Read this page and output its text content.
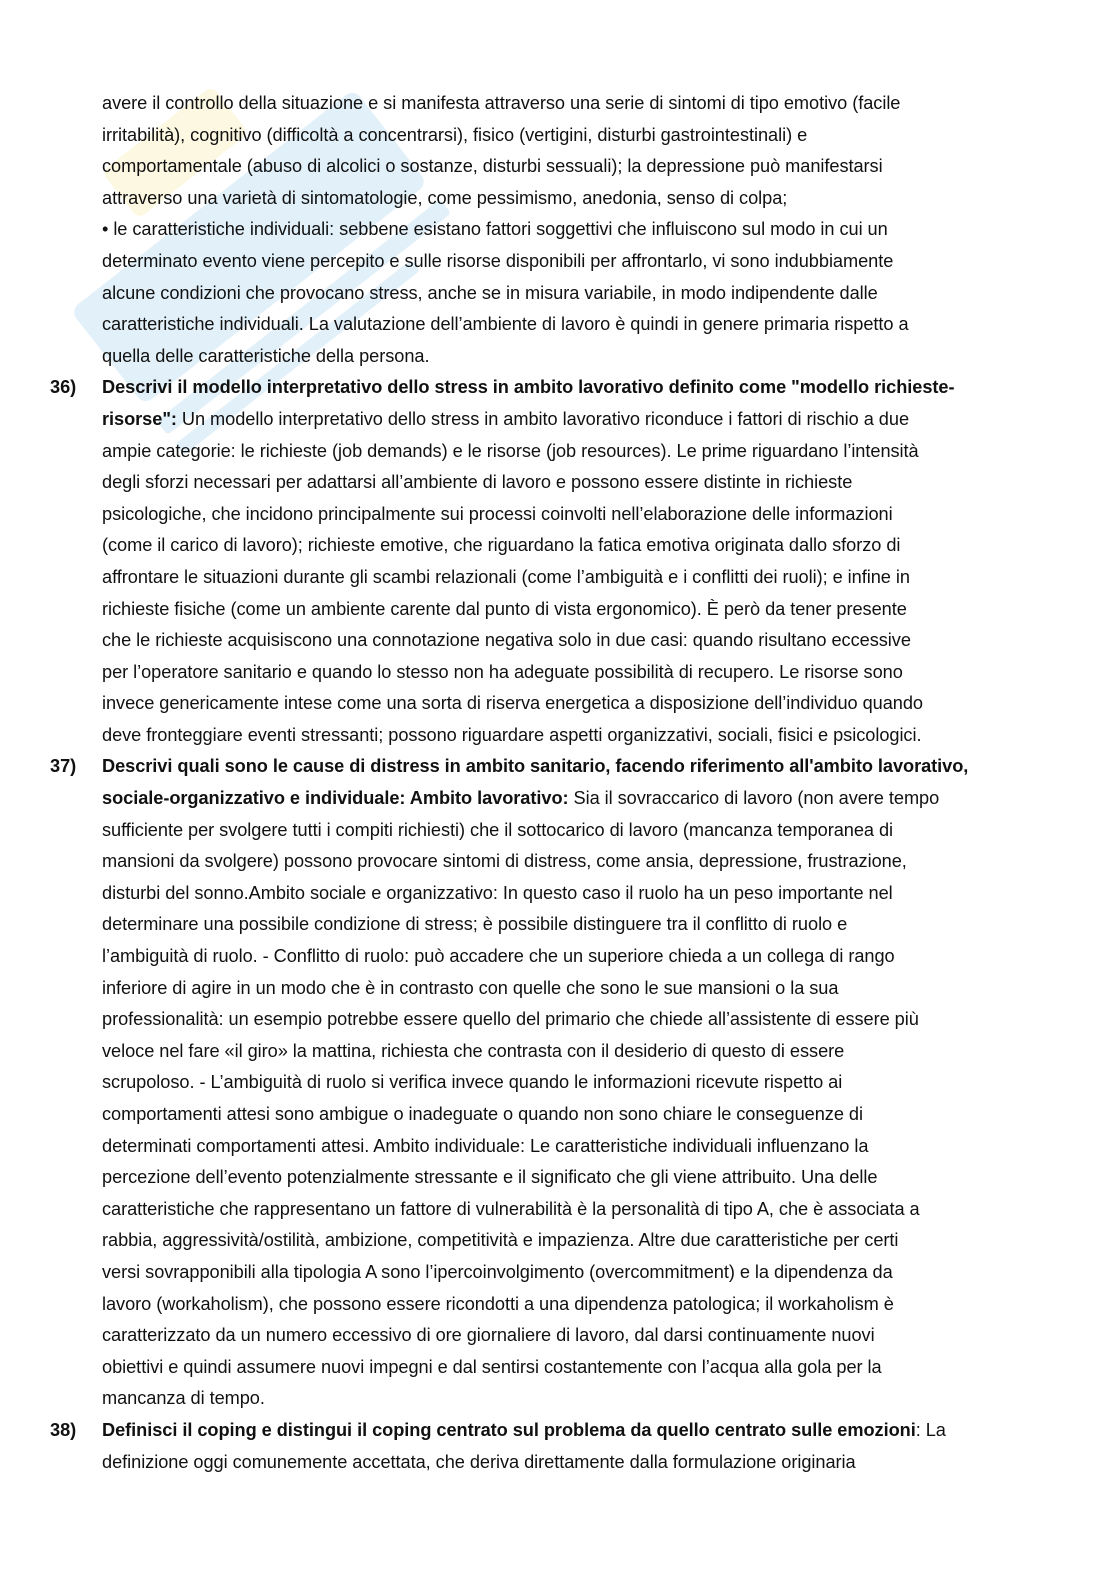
avere il controllo della situazione e si manifesta attraverso una serie di sintomi di tipo emotivo (facile
irritabilità), cognitivo (difficoltà a concentrarsi), fisico (vertigini, disturbi gastrointestinali) e
comportamentale (abuso di alcolici o sostanze, disturbi sessuali); la depressione può manifestarsi
attraverso una varietà di sintomatologie, come pessimismo, anedonia, senso di colpa;
• le caratteristiche individuali: sebbene esistano fattori soggettivi che influiscono sul modo in cui un
determinato evento viene percepito e sulle risorse disponibili per affrontarlo, vi sono indubbiamente
alcune condizioni che provocano stress, anche se in misura variabile, in modo indipendente dalle
caratteristiche individuali. La valutazione dell’ambiente di lavoro è quindi in genere primaria rispetto a
quella delle caratteristiche della persona.
36) Descrivi il modello interpretativo dello stress in ambito lavorativo definito come "modello richieste-
risorse": Un modello interpretativo dello stress in ambito lavorativo riconduce i fattori di rischio a due
ampie categorie: le richieste (job demands) e le risorse (job resources). Le prime riguardano l’intensità
degli sforzi necessari per adattarsi all’ambiente di lavoro e possono essere distinte in richieste
psicologiche, che incidono principalmente sui processi coinvolti nell’elaborazione delle informazioni
(come il carico di lavoro); richieste emotive, che riguardano la fatica emotiva originata dallo sforzo di
affrontare le situazioni durante gli scambi relazionali (come l’ambiguità e i conflitti dei ruoli); e infine in
richieste fisiche (come un ambiente carente dal punto di vista ergonomico). È però da tener presente
che le richieste acquisiscono una connotazione negativa solo in due casi: quando risultano eccessive
per l’operatore sanitario e quando lo stesso non ha adeguate possibilità di recupero. Le risorse sono
invece genericamente intese come una sorta di riserva energetica a disposizione dell’individuo quando
deve fronteggiare eventi stressanti; possono riguardare aspetti organizzativi, sociali, fisici e psicologici.
37) Descrivi quali sono le cause di distress in ambito sanitario, facendo riferimento all'ambito lavorativo,
sociale-organizzativo e individuale: Ambito lavorativo: Sia il sovraccarico di lavoro (non avere tempo
sufficiente per svolgere tutti i compiti richiesti) che il sottocarico di lavoro (mancanza temporanea di
mansioni da svolgere) possono provocare sintomi di distress, come ansia, depressione, frustrazione,
disturbi del sonno.Ambito sociale e organizzativo: In questo caso il ruolo ha un peso importante nel
determinare una possibile condizione di stress; è possibile distinguere tra il conflitto di ruolo e
l’ambiguità di ruolo. - Conflitto di ruolo: può accadere che un superiore chieda a un collega di rango
inferiore di agire in un modo che è in contrasto con quelle che sono le sue mansioni o la sua
professionalità: un esempio potrebbe essere quello del primario che chiede all’assistente di essere più
veloce nel fare «il giro» la mattina, richiesta che contrasta con il desiderio di questo di essere
scrupoloso. - L’ambiguità di ruolo si verifica invece quando le informazioni ricevute rispetto ai
comportamenti attesi sono ambigue o inadeguate o quando non sono chiare le conseguenze di
determinati comportamenti attesi. Ambito individuale: Le caratteristiche individuali influenzano la
percezione dell’evento potenzialmente stressante e il significato che gli viene attribuito. Una delle
caratteristiche che rappresentano un fattore di vulnerabilità è la personalità di tipo A, che è associata a
rabbia, aggressività/ostilità, ambizione, competitività e impazienza. Altre due caratteristiche per certi
versi sovrapponibili alla tipologia A sono l’ipercoinvolgimento (overcommitment) e la dipendenza da
lavoro (workaholism), che possono essere ricondotti a una dipendenza patologica; il workaholism è
caratterizzato da un numero eccessivo di ore giornaliere di lavoro, dal darsi continuamente nuovi
obiettivi e quindi assumere nuovi impegni e dal sentirsi costantemente con l’acqua alla gola per la
mancanza di tempo.
38) Definisci il coping e distingui il coping centrato sul problema da quello centrato sulle emozioni: La
definizione oggi comunemente accettata, che deriva direttamente dalla formulazione originaria
